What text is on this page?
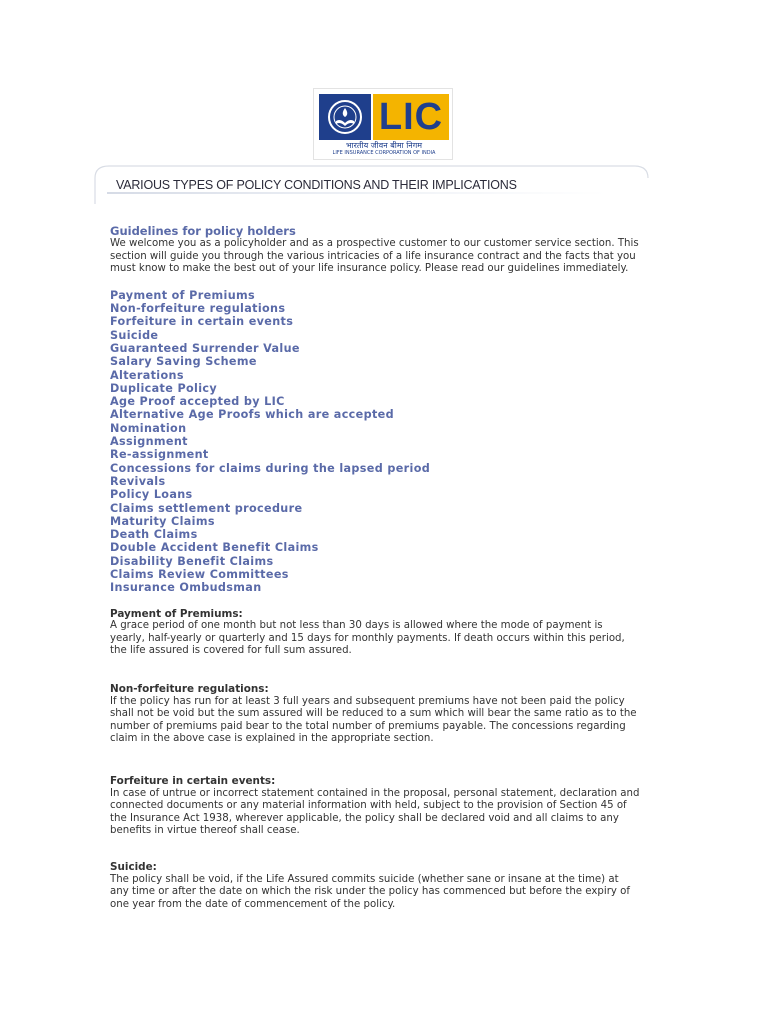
LIC
भारतीय जीवन बीमा निगम
LIFE INSURANCE CORPORATION OF INDIA
VARIOUS TYPES OF POLICY CONDITIONS AND THEIR IMPLICATIONS
Guidelines for policy holders

We welcome you as a policyholder and as a prospective customer to our customer service section. This section will guide you through the various intricacies of a life insurance contract and the facts that you must know to make the best out of your life insurance policy. Please read our guidelines immediately.

Payment of Premiums
Non-forfeiture regulations
Forfeiture in certain events
Suicide
Guaranteed Surrender Value
Salary Saving Scheme
Alterations
Duplicate Policy
Age Proof accepted by LIC
Alternative Age Proofs which are accepted
Nomination
Assignment
Re-assignment
Concessions for claims during the lapsed period
Revivals
Policy Loans
Claims settlement procedure
Maturity Claims
Death Claims
Double Accident Benefit Claims
Disability Benefit Claims
Claims Review Committees
Insurance Ombudsman
Payment of Premiums:

A grace period of one month but not less than 30 days is allowed where the mode of payment is yearly, half-yearly or quarterly and 15 days for monthly payments. If death occurs within this period, the life assured is covered for full sum assured.

Non-forfeiture regulations:

If the policy has run for at least 3 full years and subsequent premiums have not been paid the policy shall not be void but the sum assured will be reduced to a sum which will bear the same ratio as to the number of premiums paid bear to the total number of premiums payable. The concessions regarding claim in the above case is explained in the appropriate section.

Forfeiture in certain events:

In case of untrue or incorrect statement contained in the proposal, personal statement, declaration and connected documents or any material information with held, subject to the provision of Section 45 of the Insurance Act 1938, wherever applicable, the policy shall be declared void and all claims to any benefits in virtue thereof shall cease.

Suicide:

The policy shall be void, if the Life Assured commits suicide (whether sane or insane at the time) at any time or after the date on which the risk under the policy has commenced but before the expiry of one year from the date of commencement of the policy.
